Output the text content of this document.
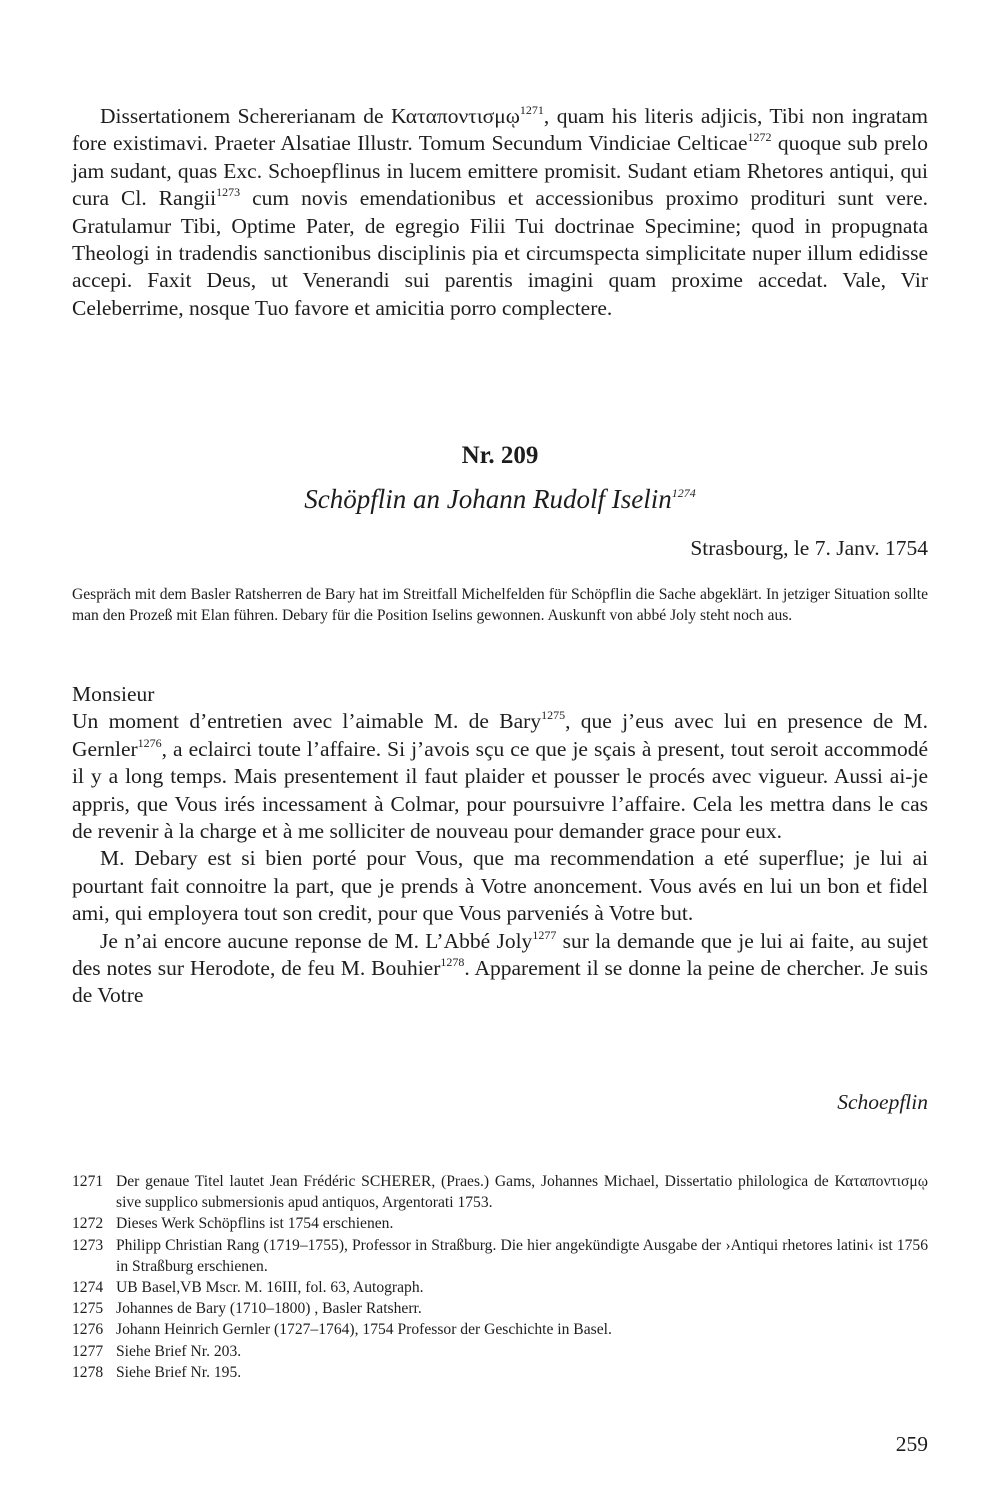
Dissertationem Schererianam de Καταποντισμῳ$^{1271}$, quam his literis adjicis, Tibi non ingratam fore existimavi. Praeter Alsatiae Illustr. Tomum Secundum Vindiciae Celticae$^{1272}$ quoque sub prelo jam sudant, quas Exc. Schoepflinus in lucem emittere promisit. Sudant etiam Rhetores antiqui, qui cura Cl. Rangii$^{1273}$ cum novis emendationibus et accessionibus proximo prodituri sunt vere. Gratulamur Tibi, Optime Pater, de egregio Filii Tui doctrinae Specimine; quod in propugnata Theologi in tradendis sanctionibus disciplinis pia et circumspecta simplicitate nuper illum edidisse accepi. Faxit Deus, ut Venerandi sui parentis imagini quam proxime accedat. Vale, Vir Celeberrime, nosque Tuo favore et amicitia porro complectere.

Nr. 209

Schöpflin an Johann Rudolf Iselin$^{1274}$

Strasbourg, le 7. Janv. 1754

Gespräch mit dem Basler Ratsherren de Bary hat im Streitfall Michelfelden für Schöpflin die Sache abgeklärt. In jetziger Situation sollte man den Prozeß mit Elan führen. Debary für die Position Iselins gewonnen. Auskunft von abbé Joly steht noch aus.

Monsieur

Un moment d’entretien avec l’aimable M. de Bary$^{1275}$, que j’eus avec lui en presence de M. Gernler$^{1276}$, a eclairci toute l’affaire. Si j’avois sçu ce que je sçais à present, tout seroit accommodé il y a long temps. Mais presentement il faut plaider et pousser le procés avec vigueur. Aussi ai-je appris, que Vous irés incessament à Colmar, pour poursuivre l’affaire. Cela les mettra dans le cas de revenir à la charge et à me solliciter de nouveau pour demander grace pour eux.

M. Debary est si bien porté pour Vous, que ma recommendation a eté superflue; je lui ai pourtant fait connoitre la part, que je prends à Votre anoncement. Vous avés en lui un bon et fidel ami, qui employera tout son credit, pour que Vous parveniés à Votre but.

Je n’ai encore aucune reponse de M. L’Abbé Joly$^{1277}$ sur la demande que je lui ai faite, au sujet des notes sur Herodote, de feu M. Bouhier$^{1278}$. Apparement il se donne la peine de chercher. Je suis de Votre

Schoepflin
1271 Der genaue Titel lautet Jean Frédéric SCHERER, (Praes.) Gams, Johannes Michael, Dissertatio philologica de Καταποντισμῳ sive supplico submersionis apud antiquos, Argentorati 1753.
1272 Dieses Werk Schöpflins ist 1754 erschienen.
1273 Philipp Christian Rang (1719–1755), Professor in Straßburg. Die hier angekündigte Ausgabe der ›Antiqui rhetores latini‹ ist 1756 in Straßburg erschienen.
1274 UB Basel,VB Mscr. M. 16III, fol. 63, Autograph.
1275 Johannes de Bary (1710–1800) , Basler Ratsherr.
1276 Johann Heinrich Gernler (1727–1764), 1754 Professor der Geschichte in Basel.
1277 Siehe Brief Nr. 203.
1278 Siehe Brief Nr. 195.
259
